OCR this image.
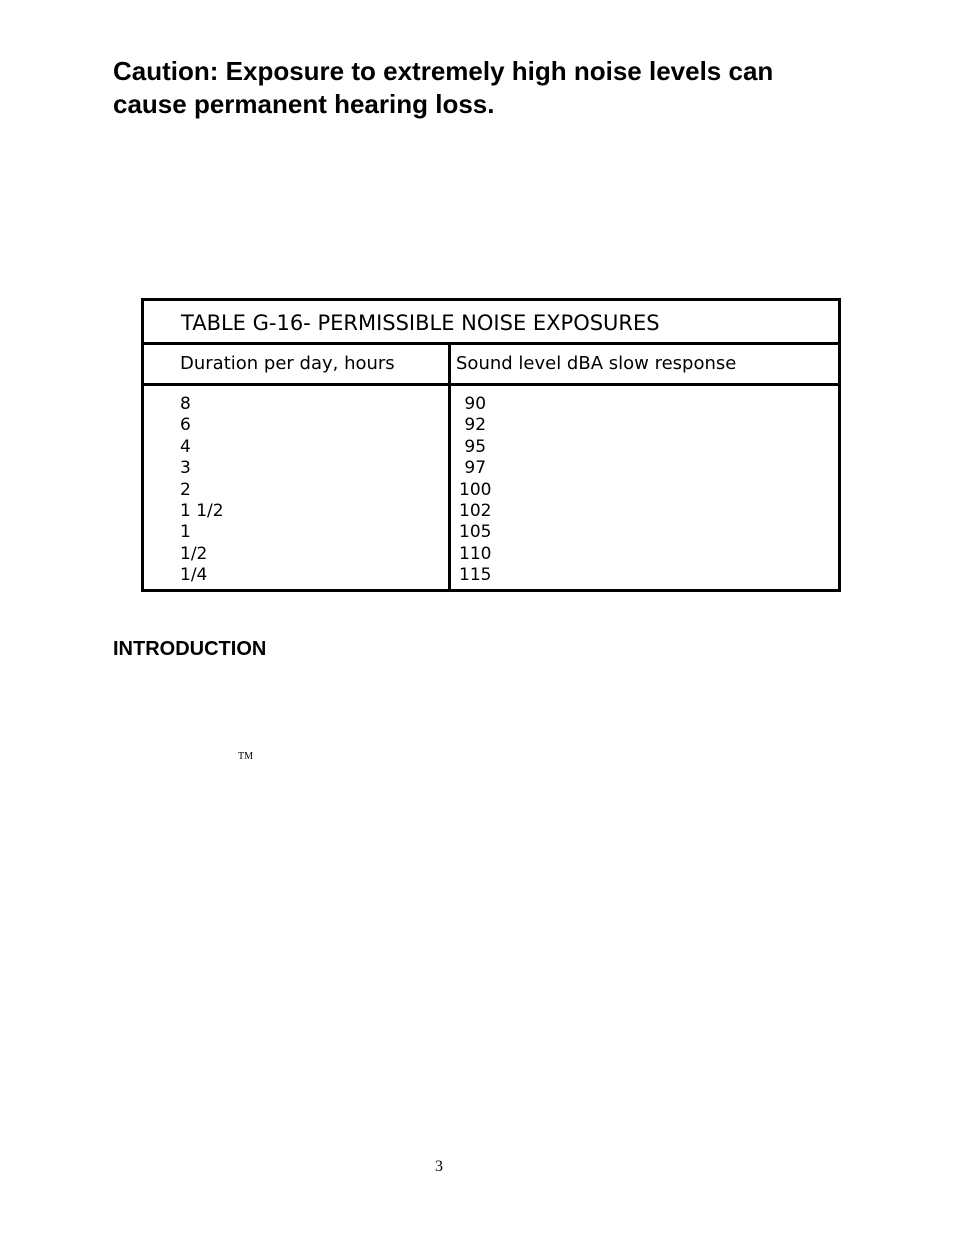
Caution: Exposure to extremely high noise levels can
cause permanent hearing loss.
TABLE G-16- PERMISSIBLE NOISE EXPOSURES
Duration per day, hours	Sound level dBA slow response
8
6
4
3
2
1 1/2
1
1/2
1/4
90
92
95
97
100
102
105
110
115
INTRODUCTION
TM
3
